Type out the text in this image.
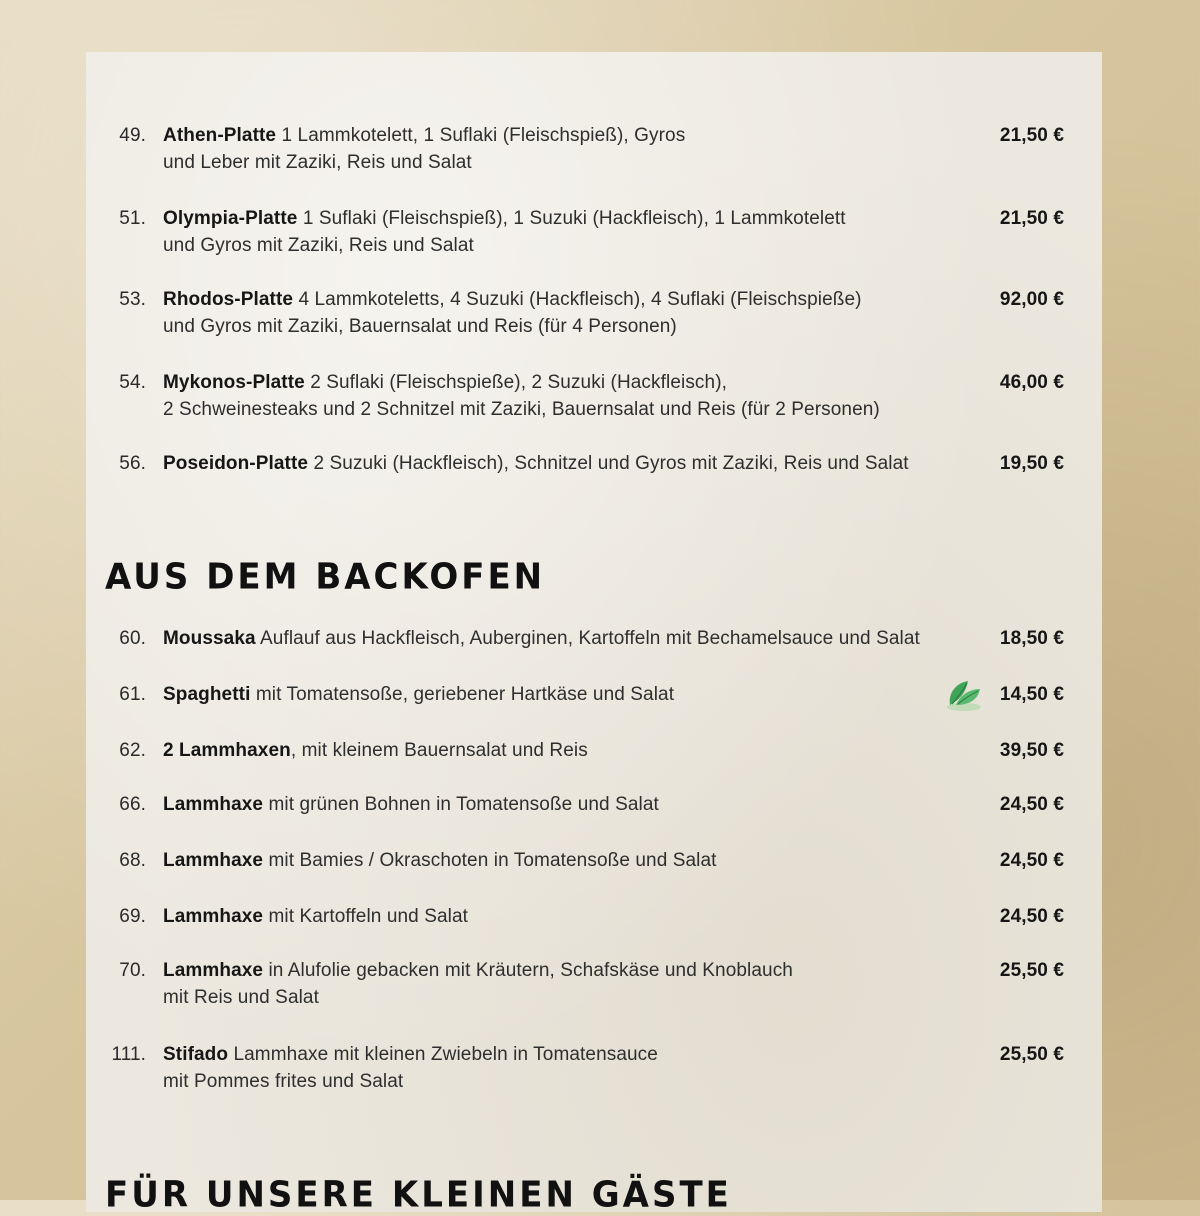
49. Athen-Platte 1 Lammkotelett, 1 Suflaki (Fleischspieß), Gyros
und Leber mit Zaziki, Reis und Salat
21,50 €
51. Olympia-Platte 1 Suflaki (Fleischspieß), 1 Suzuki (Hackfleisch), 1 Lammkotelett
und Gyros mit Zaziki, Reis und Salat
21,50 €
53. Rhodos-Platte 4 Lammkoteletts, 4 Suzuki (Hackfleisch), 4 Suflaki (Fleischspieße)
und Gyros mit Zaziki, Bauernsalat und Reis (für 4 Personen)
92,00 €
54. Mykonos-Platte 2 Suflaki (Fleischspieße), 2 Suzuki (Hackfleisch),
2 Schweinesteaks und 2 Schnitzel mit Zaziki, Bauernsalat und Reis (für 2 Personen)
46,00 €
56. Poseidon-Platte 2 Suzuki (Hackfleisch), Schnitzel und Gyros mit Zaziki, Reis und Salat	19,50 €
AUS DEM BACKOFEN
60. Moussaka Auflauf aus Hackfleisch, Auberginen, Kartoffeln mit Bechamelsauce und Salat	18,50 €
61. Spaghetti mit Tomatensoße, geriebener Hartkäse und Salat	14,50 €
62. 2 Lammhaxen, mit kleinem Bauernsalat und Reis	39,50 €
66. Lammhaxe mit grünen Bohnen in Tomatensoße und Salat	24,50 €
68. Lammhaxe mit Bamies / Okraschoten in Tomatensoße und Salat	24,50 €
69. Lammhaxe mit Kartoffeln und Salat	24,50 €
70. Lammhaxe in Alufolie gebacken mit Kräutern, Schafskäse und Knoblauch
mit Reis und Salat
25,50 €
111. Stifado Lammhaxe mit kleinen Zwiebeln in Tomatensauce
mit Pommes frites und Salat
25,50 €
FÜR UNSERE KLEINEN GÄSTE
